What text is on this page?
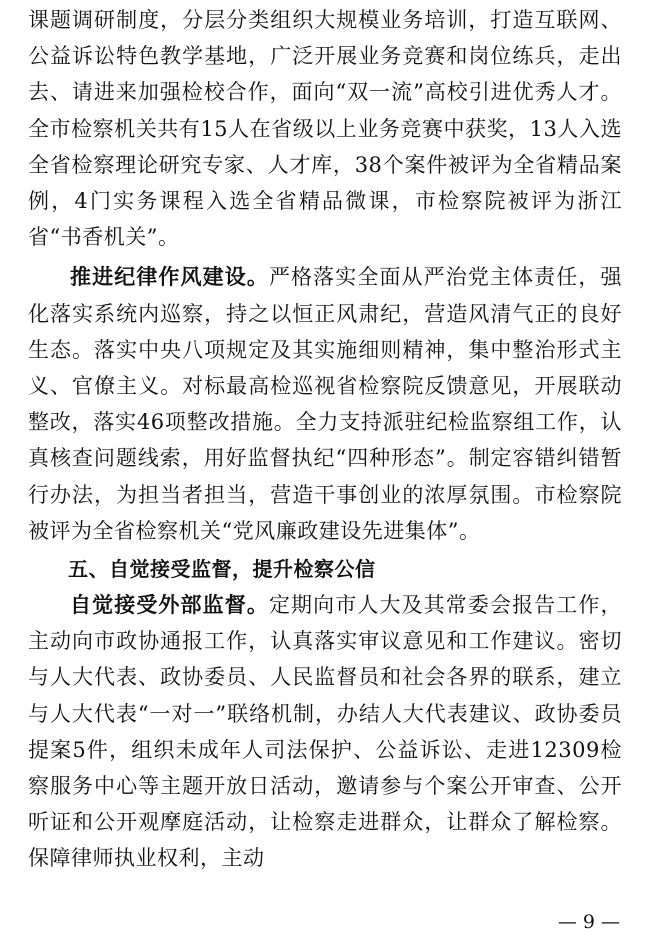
课题调研制度，分层分类组织大规模业务培训，打造互联网、公益诉讼特色教学基地，广泛开展业务竞赛和岗位练兵，走出去、请进来加强检校合作，面向“双一流”高校引进优秀人才。全市检察机关共有15人在省级以上业务竞赛中获奖，13人入选全省检察理论研究专家、人才库，38个案件被评为全省精品案例，4门实务课程入选全省精品微课，市检察院被评为浙江省“书香机关”。

推进纪律作风建设。严格落实全面从严治党主体责任，强化落实系统内巡察，持之以恒正风肃纪，营造风清气正的良好生态。落实中央八项规定及其实施细则精神，集中整治形式主义、官僚主义。对标最高检巡视省检察院反馈意见，开展联动整改，落实46项整改措施。全力支持派驻纪检监察组工作，认真核查问题线索，用好监督执纪“四种形态”。制定容错纠错暂行办法，为担当者担当，营造干事创业的浓厚氛围。市检察院被评为全省检察机关“党风廉政建设先进集体”。

五、自觉接受监督，提升检察公信

自觉接受外部监督。定期向市人大及其常委会报告工作，主动向市政协通报工作，认真落实审议意见和工作建议。密切与人大代表、政协委员、人民监督员和社会各界的联系，建立与人大代表“一对一”联络机制，办结人大代表建议、政协委员提案5件，组织未成年人司法保护、公益诉讼、走进12309检察服务中心等主题开放日活动，邀请参与个案公开审查、公开听证和公开观摩庭活动，让检察走进群众，让群众了解检察。保障律师执业权利，主动

— 9 —
